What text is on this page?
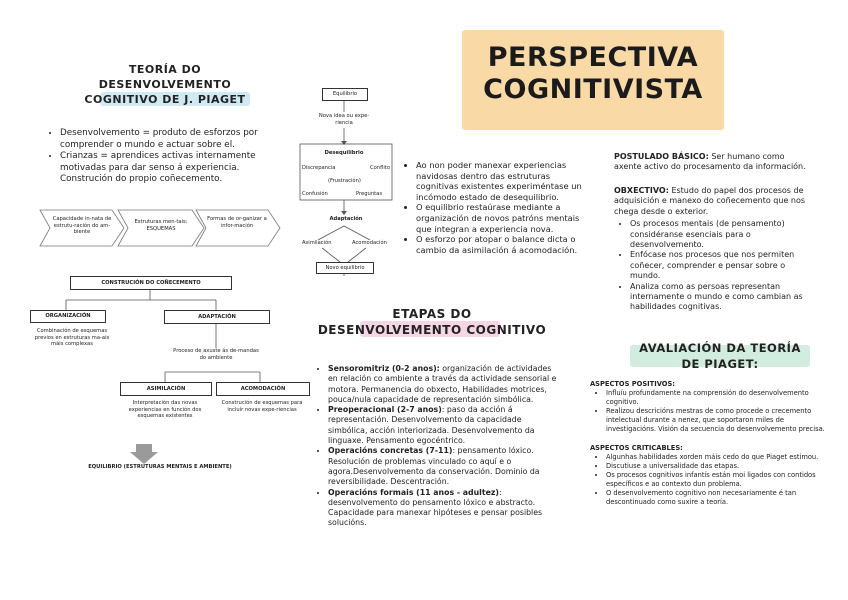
PERSPECTIVA
COGNITIVISTA
TEORÍA DO
DESENVOLVEMENTO
COGNITIVO DE J. PIAGET
• Desenvolvemento = produto de esforzos por comprender o mundo e actuar sobre el.
• Crianzas = aprendices activas internamente motivadas para dar senso á experiencia. Construción do propio coñecemento.
Capacidade in-nata de estrutu-ración do am-biente
Estruturas men-tais: ESQUEMAS
Formas de or-ganizar a infor-mación
CONSTRUCIÓN DO COÑECEMENTO
ORGANIZACIÓN
Combinación de esquemas previos en estruturas ma-ais máis complexas
ADAPTACIÓN
Proceso de axuste ás de-mandas do ambiente
ASIMILACIÓN
Interpretación das novas experiencias en función dos esquemas existentes
ACOMODACIÓN
Construción de esquemas para incluír novas expe-riencias
EQUILIBRIO (ESTRUTURAS MENTAIS E AMBIENTE)
Equilibrio
Nova idea ou expe-riencia
Desequilibrio
Discrepancia	Conflito
(Frustración)
Confusión	Preguntas
Adaptación
Asimilación	Acomodación
Novo equilibrio
• Ao non poder manexar experiencias navidosas dentro das estruturas cognitivas existentes experiméntase un incómodo estado de desequilibrio.
• O equilibrio restaúrase mediante a organización de novos patróns mentais que integran a experiencia nova.
• O esforzo por atopar o balance dicta o cambio da asimilación á acomodación.
POSTULADO BÁSICO: Ser humano como axente activo do procesamento da información.
OBXECTIVO: Estudo do papel dos procesos de adquisición e manexo do coñecemento que nos chega desde o exterior.
• Os procesos mentais (de pensamento) considéranse esenciais para o desenvolvemento.
• Enfócase nos procesos que nos permiten coñecer, comprender e pensar sobre o mundo.
• Analiza como as persoas representan internamente o mundo e como cambian as habilidades cognitivas.
ETAPAS DO
DESENVOLVEMENTO COGNITIVO
• Sensoromitriz (0-2 anos): organización de actividades en relación co ambiente a través da actividade sensorial e motora. Permanencia do obxecto, Habilidades motrices, pouca/nula capacidade de representación simbólica.
• Preoperacional (2-7 anos): paso da acción á representación. Desenvolvemento da capacidade simbólica, acción interiorizada. Desenvolvemento da linguaxe. Pensamento egocéntrico.
• Operacións concretas (7-11): pensamento lóxico. Resolución de problemas vinculado co aquí e o agora.Desenvolvemento da conservación. Dominio da reversibilidade. Descentración.
• Operacións formais (11 anos - adultez): desenvolvemento do pensamento lóxico e abstracto. Capacidade para manexar hipóteses e pensar posibles solucións.
AVALIACIÓN DA TEORÍA
DE PIAGET:
ASPECTOS POSITIVOS:
• Influíu profundamente na comprensión do desenvolvemento cognitivo.
• Realizou descricións mestras de como procede o crecemento intelectual durante a nenez, que soportaron miles de investigacións. Visión da secuencia do desenvolvemento precisa.
ASPECTOS CRITICABLES:
• Algunhas habilidades xorden máis cedo do que Piaget estimou.
• Discutiuse a universalidade das etapas.
• Os procesos cognitivos infantís están moi ligados con contidos específicos e ao contexto dun problema.
• O desenvolvemento cognitivo non necesariamente é tan descontinuado como suxire a teoría.
